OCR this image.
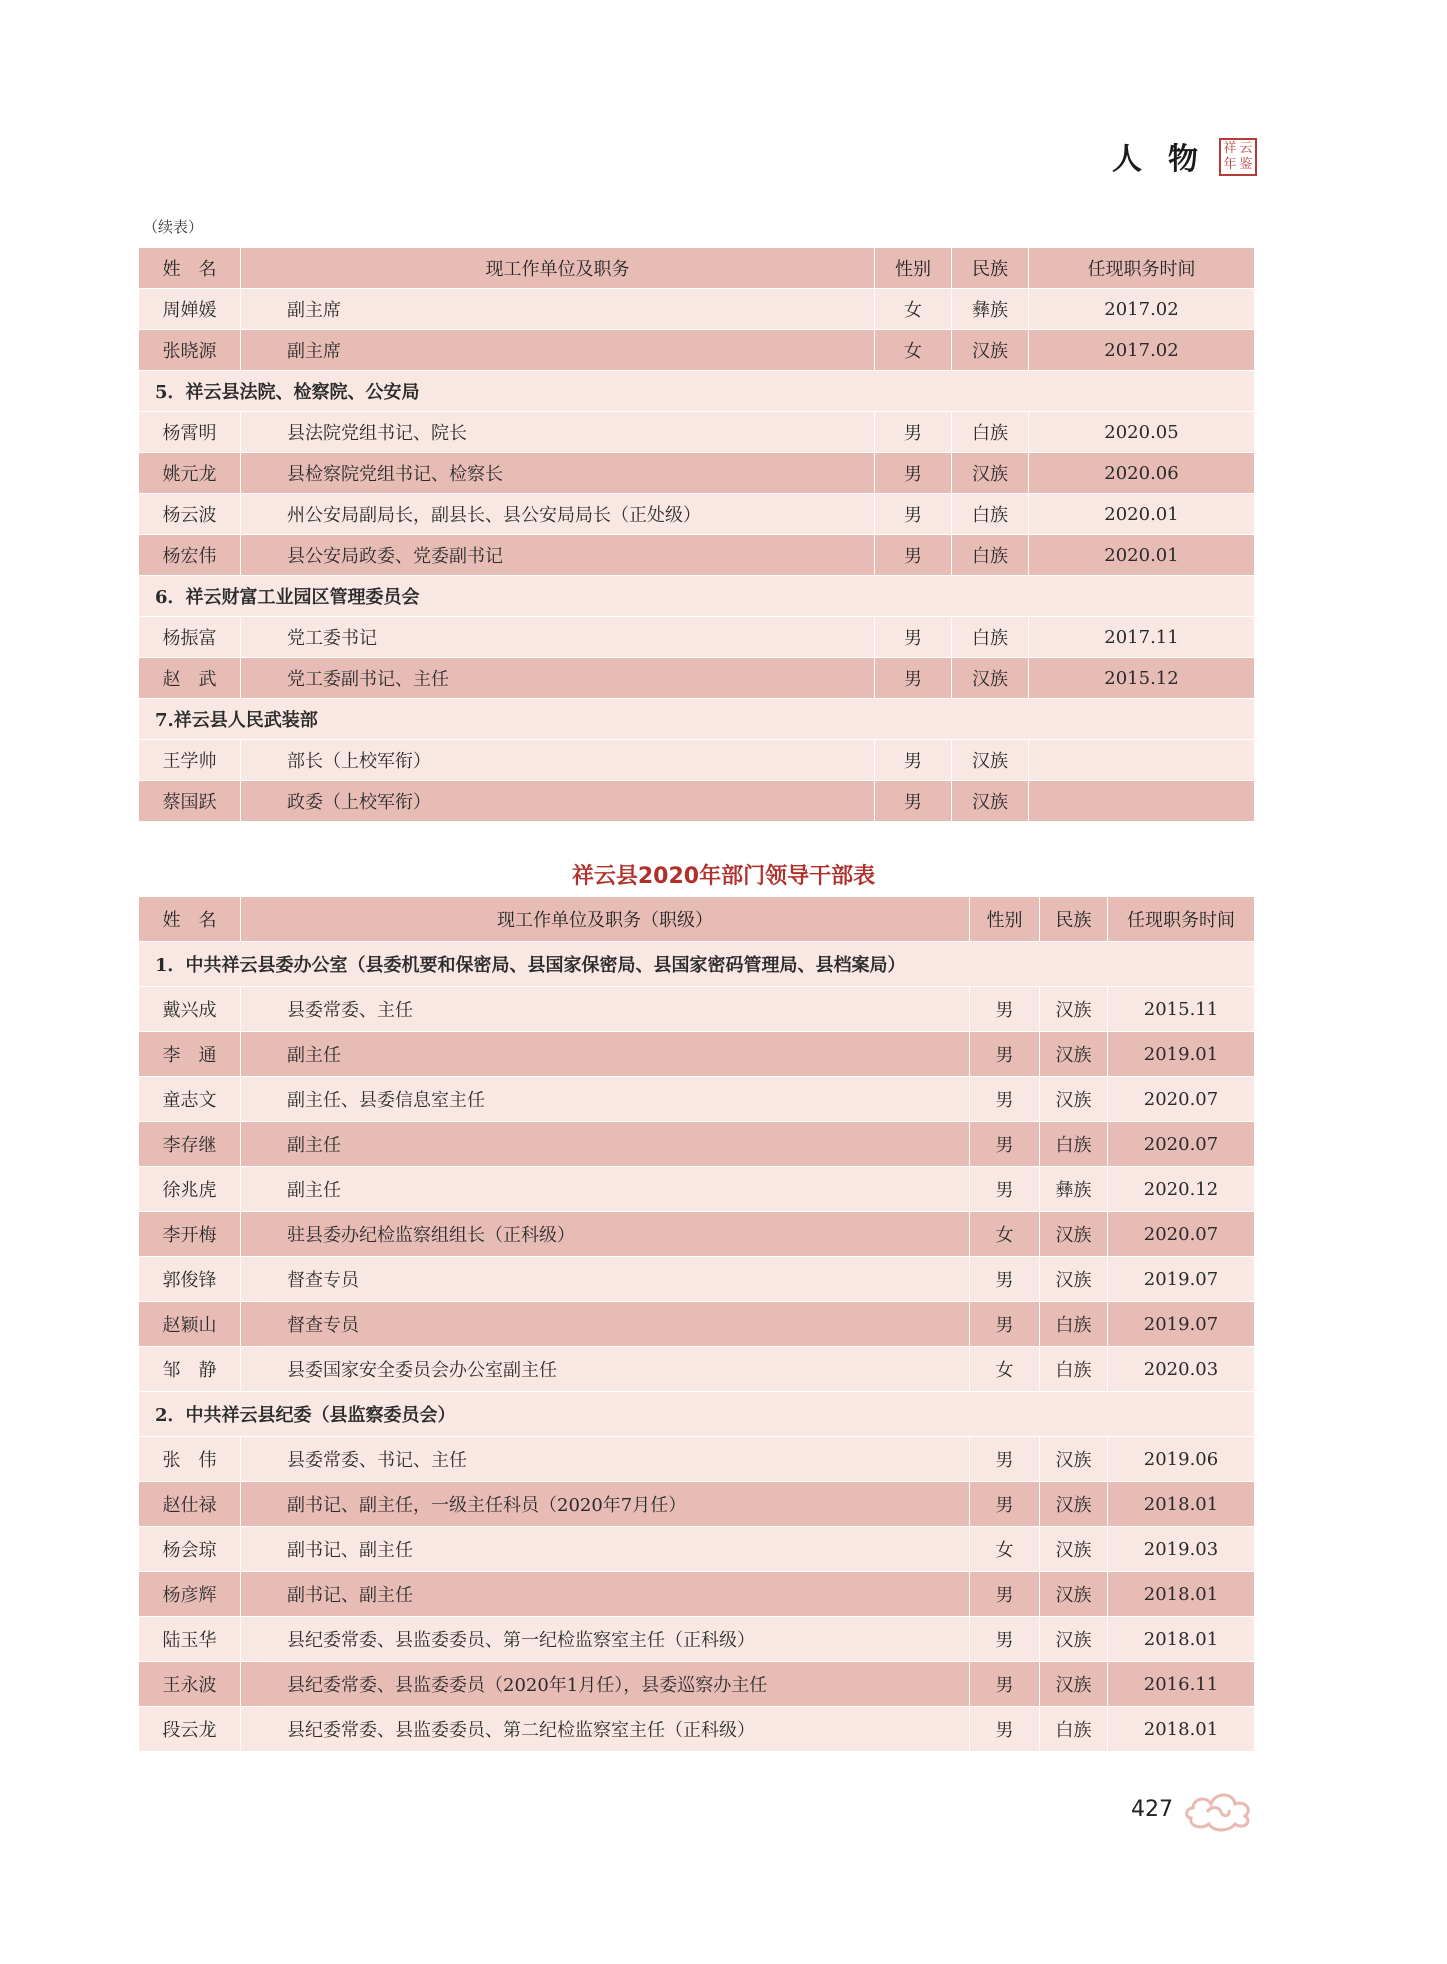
人物 祥 云
年 鉴
（续表）
姓　名	现工作单位及职务	性别	民族	任现职务时间
周婵媛	副主席	女	彝族	2017.02
张晓源	副主席	女	汉族	2017.02
5．祥云县法院、检察院、公安局				
杨霄明	县法院党组书记、院长	男	白族	2020.05
姚元龙	县检察院党组书记、检察长	男	汉族	2020.06
杨云波	州公安局副局长，副县长、县公安局局长（正处级）	男	白族	2020.01
杨宏伟	县公安局政委、党委副书记	男	白族	2020.01
6．祥云财富工业园区管理委员会				
杨振富	党工委书记	男	白族	2017.11
赵　武	党工委副书记、主任	男	汉族	2015.12
7.祥云县人民武装部				
王学帅	部长（上校军衔）	男	汉族	
蔡国跃	政委（上校军衔）	男	汉族	
祥云县2020年部门领导干部表
姓　名	现工作单位及职务（职级）	性别	民族	任现职务时间
1．中共祥云县委办公室（县委机要和保密局、县国家保密局、县国家密码管理局、县档案局）				
戴兴成	县委常委、主任	男	汉族	2015.11
李　通	副主任	男	汉族	2019.01
童志文	副主任、县委信息室主任	男	汉族	2020.07
李存继	副主任	男	白族	2020.07
徐兆虎	副主任	男	彝族	2020.12
李开梅	驻县委办纪检监察组组长（正科级）	女	汉族	2020.07
郭俊锋	督查专员	男	汉族	2019.07
赵颖山	督查专员	男	白族	2019.07
邹　静	县委国家安全委员会办公室副主任	女	白族	2020.03
2．中共祥云县纪委（县监察委员会）				
张　伟	县委常委、书记、主任	男	汉族	2019.06
赵仕禄	副书记、副主任，一级主任科员（2020年7月任）	男	汉族	2018.01
杨会琼	副书记、副主任	女	汉族	2019.03
杨彦辉	副书记、副主任	男	汉族	2018.01
陆玉华	县纪委常委、县监委委员、第一纪检监察室主任（正科级）	男	汉族	2018.01
王永波	县纪委常委、县监委委员（2020年1月任），县委巡察办主任	男	汉族	2016.11
段云龙	县纪委常委、县监委委员、第二纪检监察室主任（正科级）	男	白族	2018.01
427
